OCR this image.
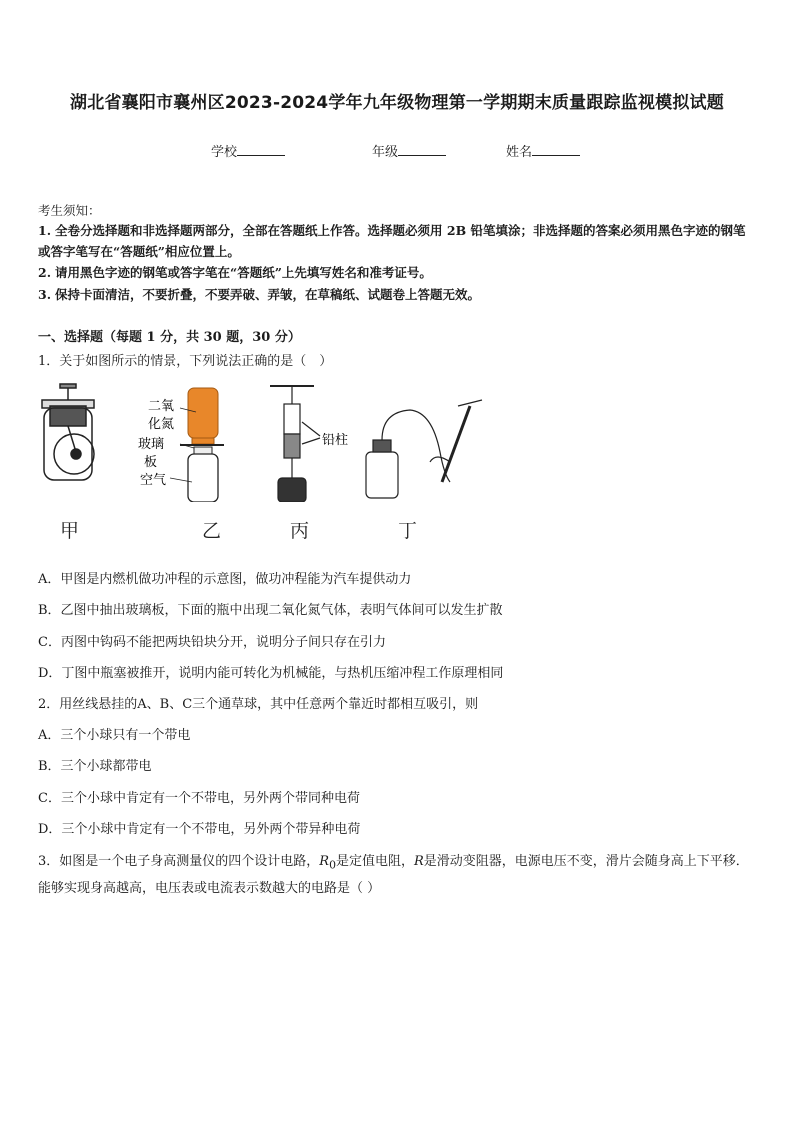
湖北省襄阳市襄州区2023-2024学年九年级物理第一学期期末质量跟踪监视模拟试题
学校	年级	姓名
考生须知：
1. 全卷分选择题和非选择题两部分，全部在答题纸上作答。选择题必须用 2B 铅笔填涂；非选择题的答案必须用黑色字迹的钢笔或答字笔写在“答题纸”相应位置上。
2. 请用黑色字迹的钢笔或答字笔在“答题纸”上先填写姓名和准考证号。
3. 保持卡面清洁，不要折叠，不要弄破、弄皱，在草稿纸、试题卷上答题无效。
一、选择题（每题 1 分，共 30 题，30 分）
1．关于如图所示的情景，下列说法正确的是（　）
二氧
化氮
玻璃
板
空气
铅柱
甲	乙	丙	丁
A．甲图是内燃机做功冲程的示意图，做功冲程能为汽车提供动力
B．乙图中抽出玻璃板，下面的瓶中出现二氧化氮气体，表明气体间可以发生扩散
C．丙图中钩码不能把两块铅块分开，说明分子间只存在引力
D．丁图中瓶塞被推开，说明内能可转化为机械能，与热机压缩冲程工作原理相同
2．用丝线悬挂的A、B、C三个通草球，其中任意两个靠近时都相互吸引，则
A．三个小球只有一个带电
B．三个小球都带电
C．三个小球中肯定有一个不带电，另外两个带同种电荷
D．三个小球中肯定有一个不带电，另外两个带异种电荷
3．如图是一个电子身高测量仪的四个设计电路，$R_0$是定值电阻，R是滑动变阻器，电源电压不变，滑片会随身高上下平移．能够实现身高越高，电压表或电流表示数越大的电路是（ ）
